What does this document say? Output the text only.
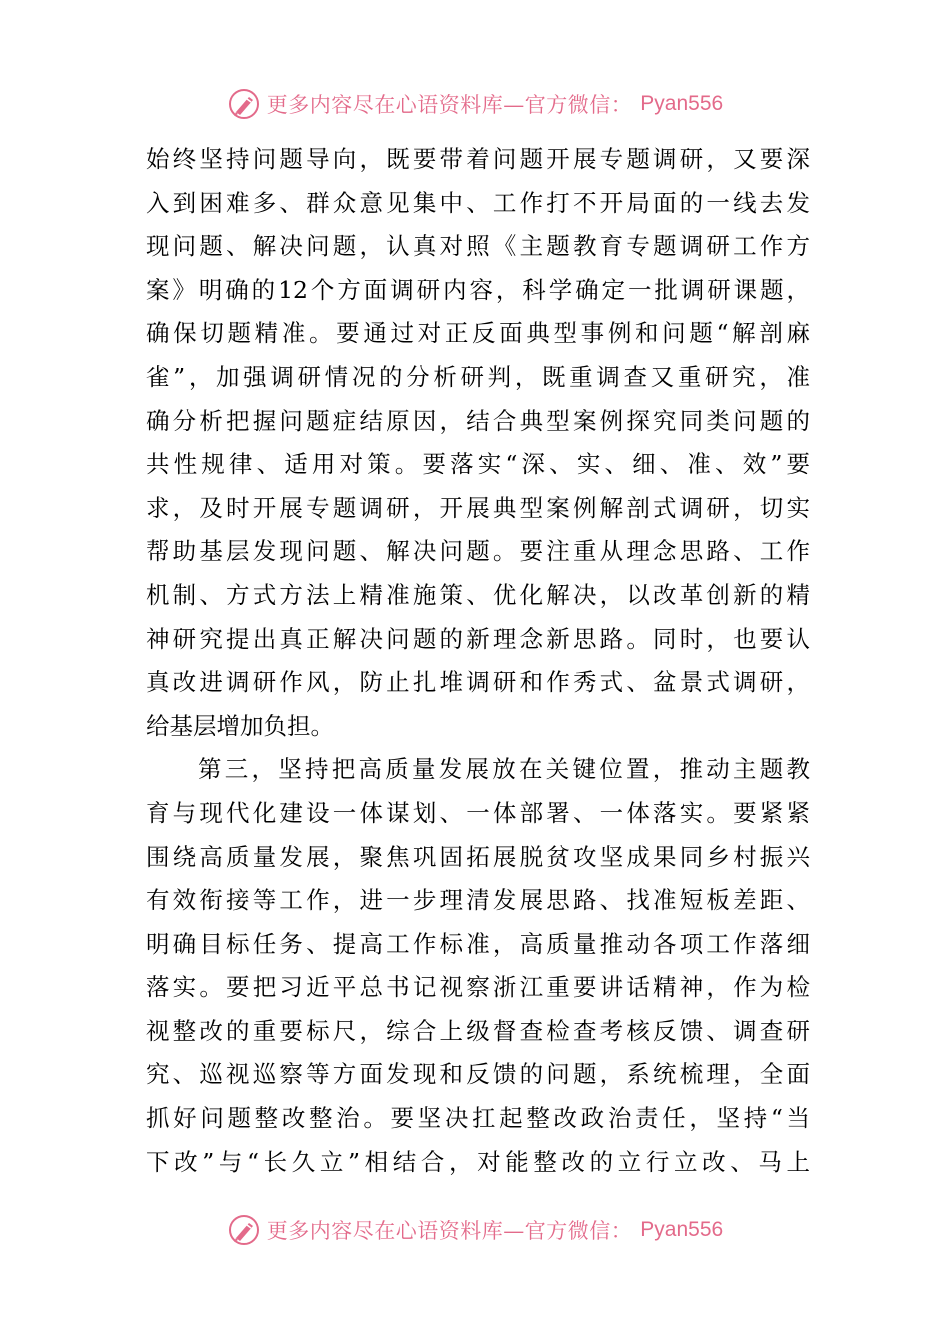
更多内容尽在心语资料库—官方微信： Pyan556
始终坚持问题导向，既要带着问题开展专题调研，又要深
入到困难多、群众意见集中、工作打不开局面的一线去发
现问题、解决问题，认真对照《主题教育专题调研工作方
案》明确的12个方面调研内容，科学确定一批调研课题，
确保切题精准。要通过对正反面典型事例和问题“解剖麻
雀”，加强调研情况的分析研判，既重调查又重研究，准
确分析把握问题症结原因，结合典型案例探究同类问题的
共性规律、适用对策。要落实“深、实、细、准、效”要
求，及时开展专题调研，开展典型案例解剖式调研，切实
帮助基层发现问题、解决问题。要注重从理念思路、工作
机制、方式方法上精准施策、优化解决，以改革创新的精
神研究提出真正解决问题的新理念新思路。同时，也要认
真改进调研作风，防止扎堆调研和作秀式、盆景式调研，
给基层增加负担。
第三，坚持把高质量发展放在关键位置，推动主题教
育与现代化建设一体谋划、一体部署、一体落实。要紧紧
围绕高质量发展，聚焦巩固拓展脱贫攻坚成果同乡村振兴
有效衔接等工作，进一步理清发展思路、找准短板差距、
明确目标任务、提高工作标准，高质量推动各项工作落细
落实。要把习近平总书记视察浙江重要讲话精神，作为检
视整改的重要标尺，综合上级督查检查考核反馈、调查研
究、巡视巡察等方面发现和反馈的问题，系统梳理，全面
抓好问题整改整治。要坚决扛起整改政治责任，坚持“当
下改”与“长久立”相结合，对能整改的立行立改、马上
更多内容尽在心语资料库—官方微信： Pyan556
